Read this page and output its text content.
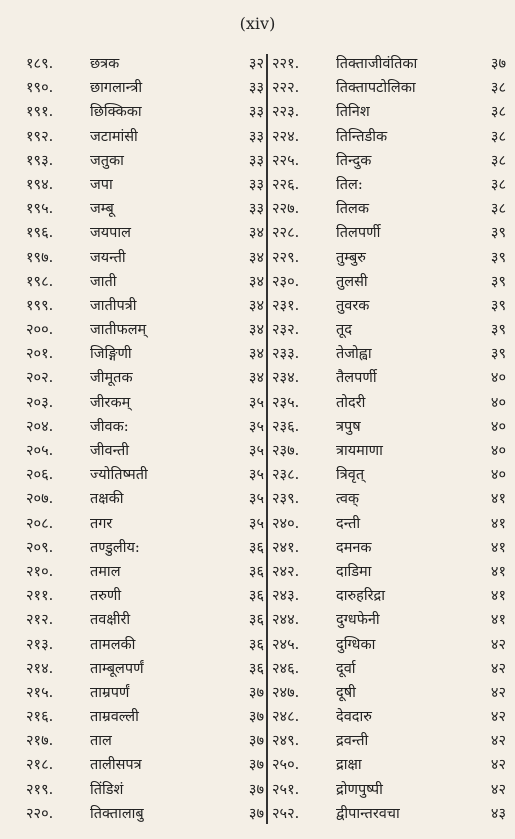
(xiv)
१८९.	छत्रक	३२
१९०.	छागलान्त्री	३३
१९१.	छिक्किका	३३
१९२.	जटामांसी	३३
१९३.	जतुका	३३
१९४.	जपा	३३
१९५.	जम्बू	३३
१९६.	जयपाल	३४
१९७.	जयन्ती	३४
१९८.	जाती	३४
१९९.	जातीपत्री	३४
२००.	जातीफलम्	३४
२०१.	जिङ्गिणी	३४
२०२.	जीमूतक	३४
२०३.	जीरकम्	३५
२०४.	जीवक:	३५
२०५.	जीवन्ती	३५
२०६.	ज्योतिष्मती	३५
२०७.	तक्षकी	३५
२०८.	तगर	३५
२०९.	तण्डुलीय:	३६
२१०.	तमाल	३६
२११.	तरुणी	३६
२१२.	तवक्षीरी	३६
२१३.	तामलकी	३६
२१४.	ताम्बूलपर्णं	३६
२१५.	ताम्रपर्णं	३७
२१६.	ताम्रवल्ली	३७
२१७.	ताल	३७
२१८.	तालीसपत्र	३७
२१९.	तिंडिशं	३७
२२०.	तिक्तालाबु	३७
२२१.	तिक्ताजीवंतिका	३७
२२२.	तिक्तापटोलिका	३८
२२३.	तिनिश	३८
२२४.	तिन्तिडीक	३८
२२५.	तिन्दुक	३८
२२६.	तिल:	३८
२२७.	तिलक	३८
२२८.	तिलपर्णी	३९
२२९.	तुम्बुरु	३९
२३०.	तुलसी	३९
२३१.	तुवरक	३९
२३२.	तूद	३९
२३३.	तेजोह्वा	३९
२३४.	तैलपर्णी	४०
२३५.	तोदरी	४०
२३६.	त्रपुष	४०
२३७.	त्रायमाणा	४०
२३८.	त्रिवृत्	४०
२३९.	त्वक्	४१
२४०.	दन्ती	४१
२४१.	दमनक	४१
२४२.	दाडिमा	४१
२४३.	दारुहरिद्रा	४१
२४४.	दुग्धफेनी	४१
२४५.	दुग्धिका	४२
२४६.	दूर्वा	४२
२४७.	दूषी	४२
२४८.	देवदारु	४२
२४९.	द्रवन्ती	४२
२५०.	द्राक्षा	४२
२५१.	द्रोणपुष्पी	४२
२५२.	द्वीपान्तरवचा	४३
